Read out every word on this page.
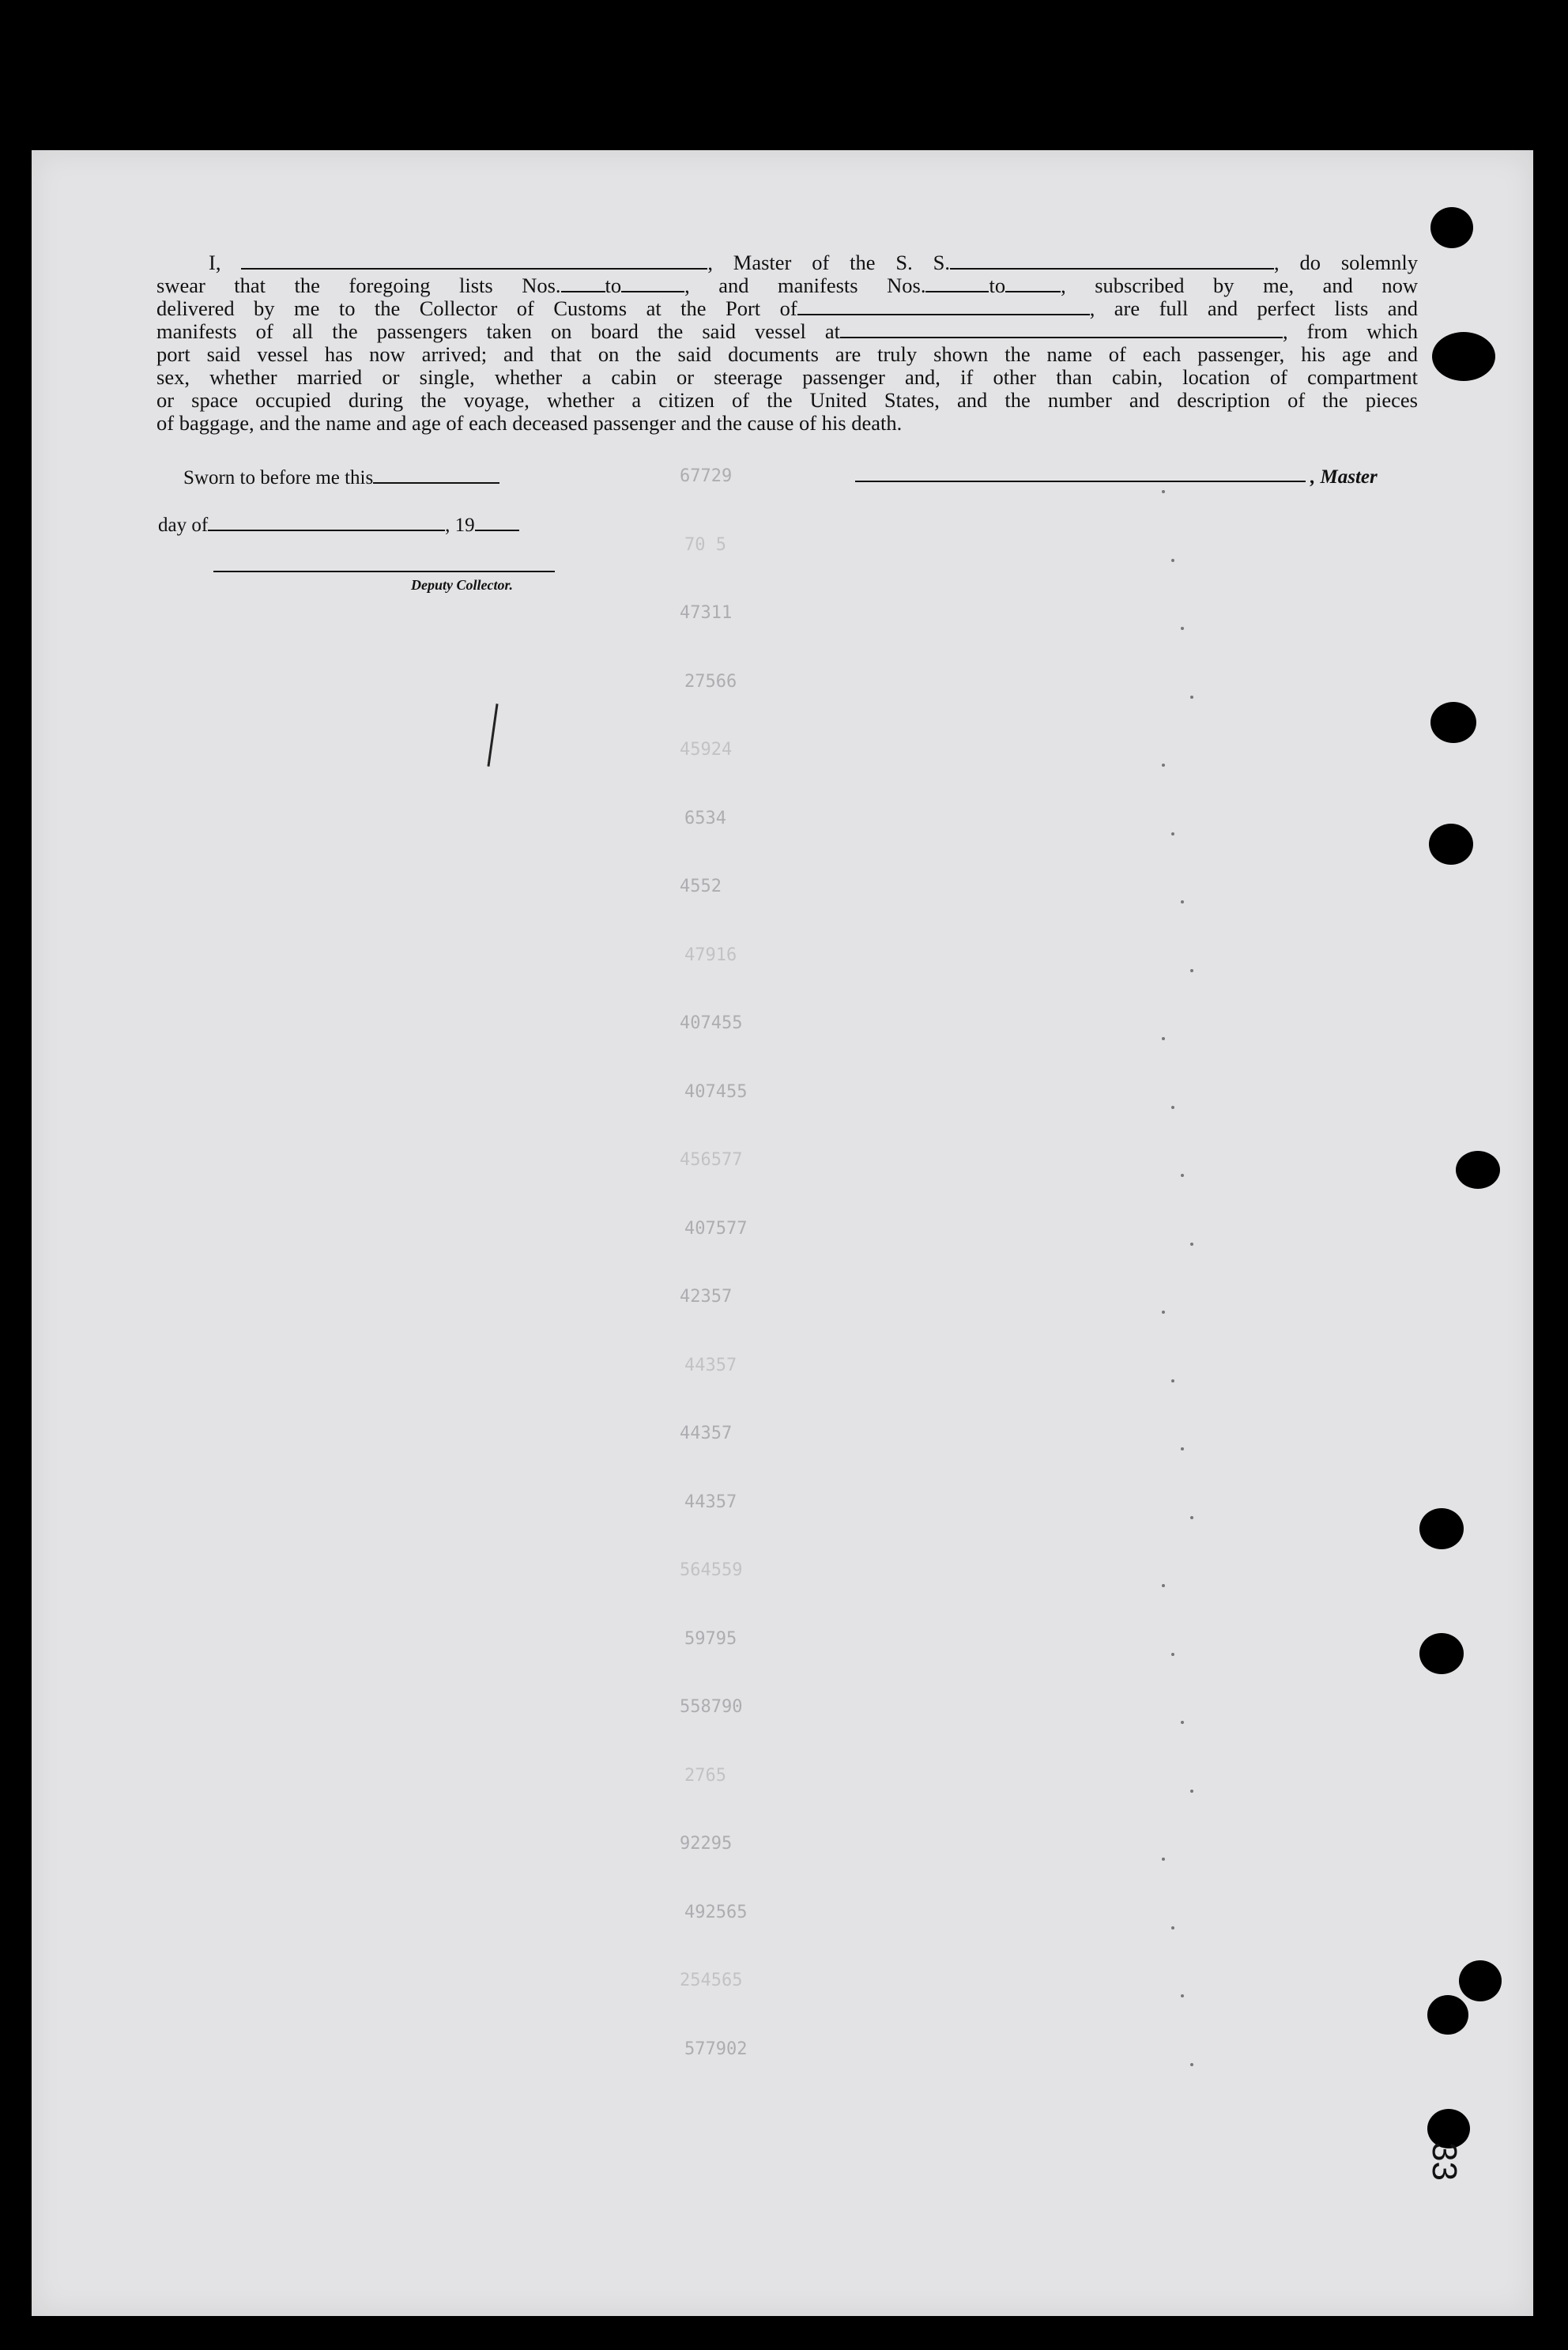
I,	, Master of the S. S.	, do solemnly
swear that the foregoing lists Nos. to	, and manifests Nos.	to	, subscribed by me, and now
delivered by me to the Collector of Customs at the Port of	, are full and perfect lists and
manifests of all the passengers taken on board the said vessel at	, from which
port said vessel has now arrived; and that on the said documents are truly shown the name of each passenger, his age and
sex, whether married or single, whether a cabin or steerage passenger and, if other than cabin, location of compartment
or space occupied during the voyage, whether a citizen of the United States, and the number and description of the pieces
of baggage, and the name and age of each deceased passenger and the cause of his death.
Sworn to before me this
day of	, 19
Deputy Collector.
, Master
67729
70 5
47311
27566
45924
6534
4552
47916
407455
407455
456577
407577
42357
44357
44357
44357
564559
59795
558790
2765
92295
492565
254565
577902
33
